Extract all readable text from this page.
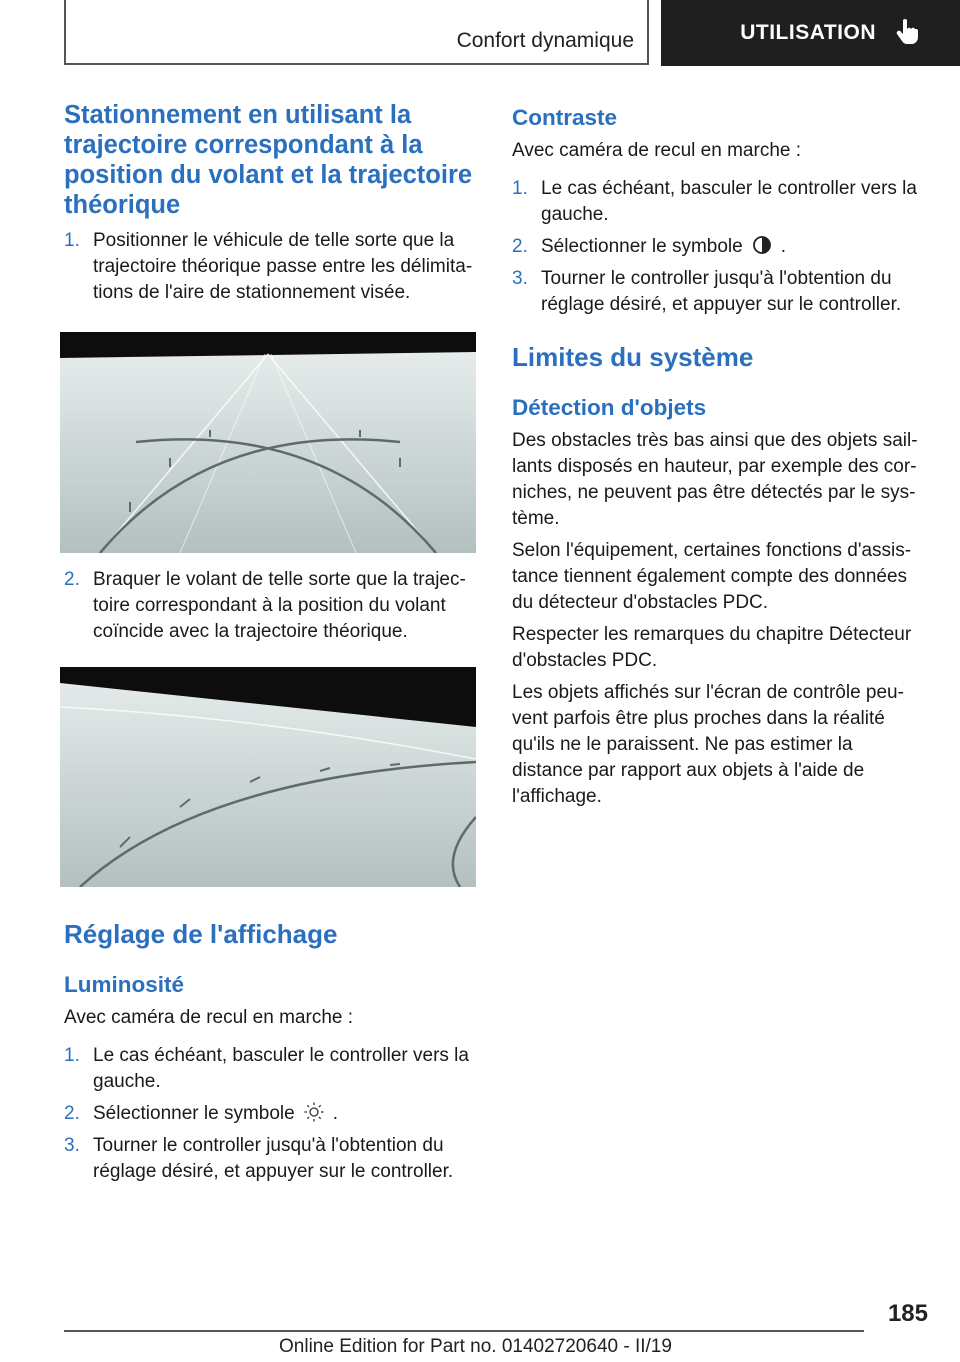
Confort dynamique	UTILISATION
Stationnement en utilisant la trajectoire correspondant à la position du volant et la trajectoire théorique
1. Positionner le véhicule de telle sorte que la trajectoire théorique passe entre les délimitations de l'aire de stationnement visée.
2. Braquer le volant de telle sorte que la trajectoire correspondant à la position du volant coïncide avec la trajectoire théorique.
Réglage de l'affichage
Luminosité

Avec caméra de recul en marche :

1. Le cas échéant, basculer le controller vers la gauche.
2. Sélectionner le symbole .
3. Tourner le controller jusqu'à l'obtention du réglage désiré, et appuyer sur le controller.
Contraste

Avec caméra de recul en marche :

1. Le cas échéant, basculer le controller vers la gauche.
2. Sélectionner le symbole .
3. Tourner le controller jusqu'à l'obtention du réglage désiré, et appuyer sur le controller.
Limites du système
Détection d'objets

Des obstacles très bas ainsi que des objets saillants disposés en hauteur, par exemple des corniches, ne peuvent pas être détectés par le système.

Selon l'équipement, certaines fonctions d'assistance tiennent également compte des données du détecteur d'obstacles PDC.

Respecter les remarques du chapitre Détecteur d'obstacles PDC.

Les objets affichés sur l'écran de contrôle peuvent parfois être plus proches dans la réalité qu'ils ne le paraissent. Ne pas estimer la distance par rapport aux objets à l'aide de l'affichage.

185
Online Edition for Part no. 01402720640 - II/19
